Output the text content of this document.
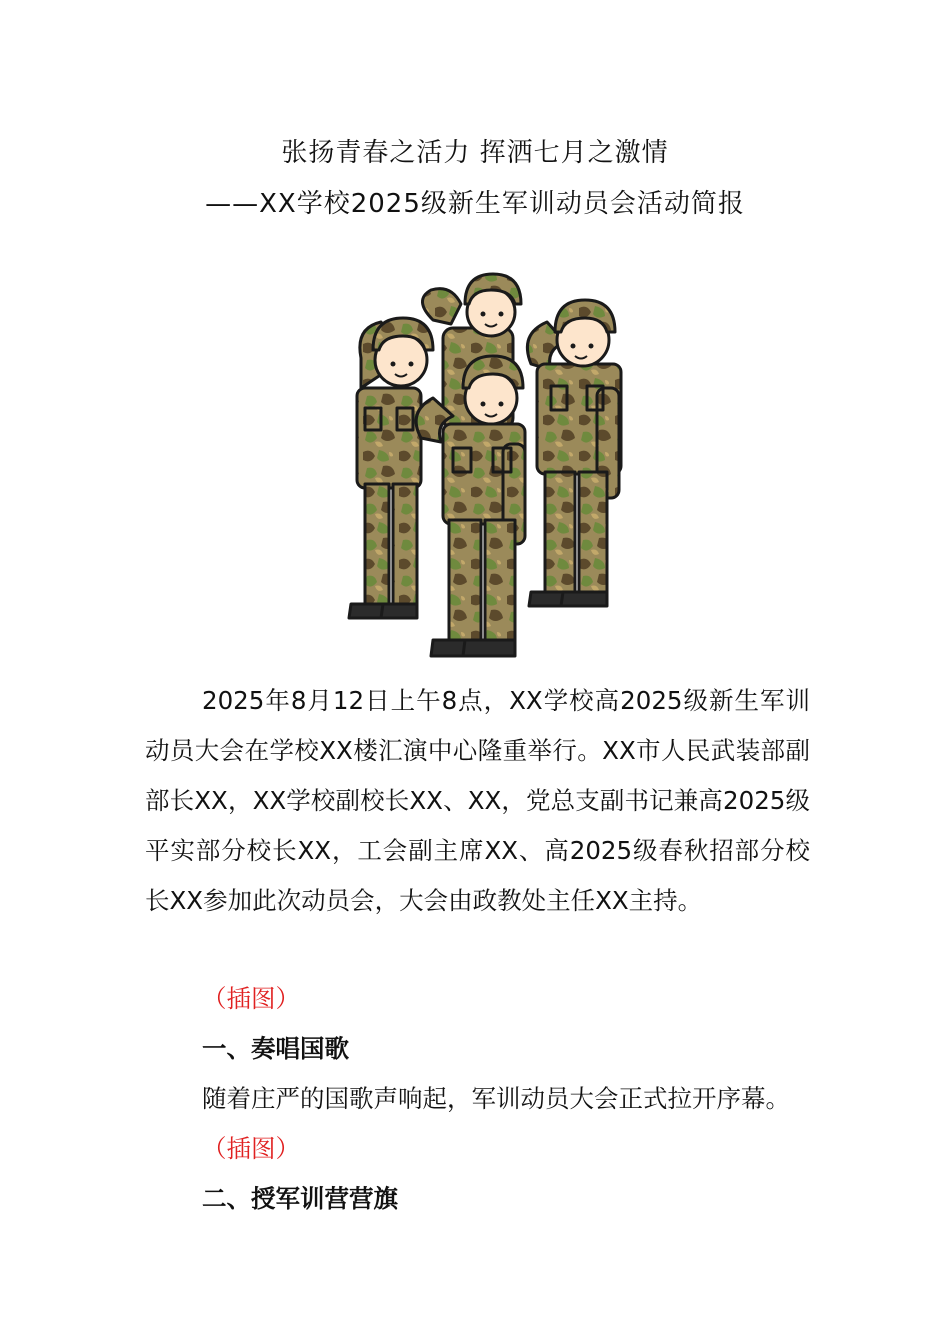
张扬青春之活力 挥洒七月之激情
——XX学校2025级新生军训动员会活动简报

2025年8月12日上午8点，XX学校高2025级新生军训动员大会在学校XX楼汇演中心隆重举行。XX市人民武装部副部长XX，XX学校副校长XX、XX，党总支副书记兼高2025级平实部分校长XX，工会副主席XX、高2025级春秋招部分校长XX参加此次动员会，大会由政教处主任XX主持。

（插图）
一、奏唱国歌
随着庄严的国歌声响起，军训动员大会正式拉开序幕。
（插图）
二、授军训营营旗
